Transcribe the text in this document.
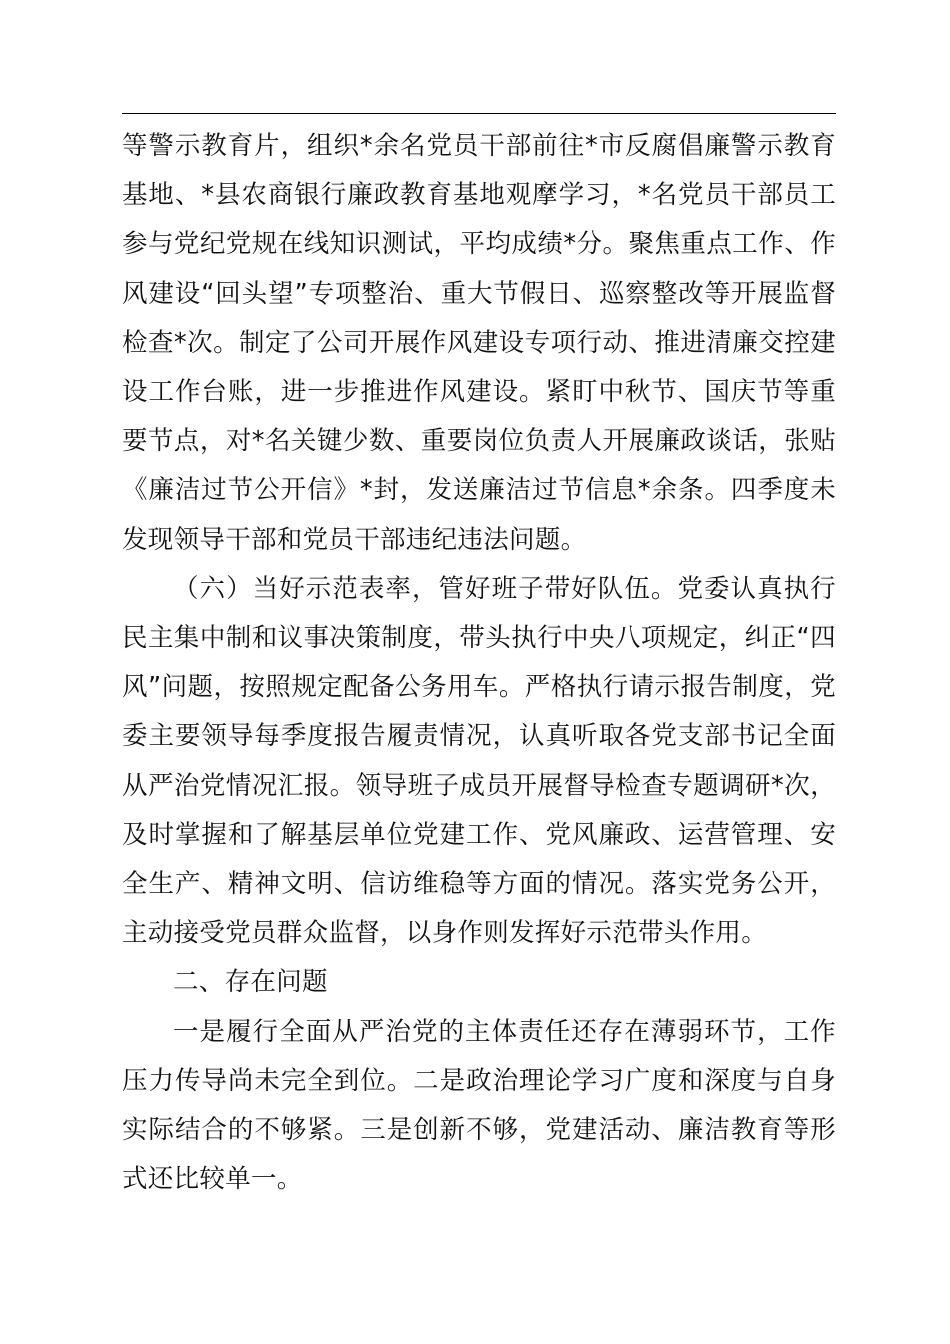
等警示教育片，组织*余名党员干部前往*市反腐倡廉警示教育基地、*县农商银行廉政教育基地观摩学习，*名党员干部员工参与党纪党规在线知识测试，平均成绩*分。聚焦重点工作、作风建设“回头望”专项整治、重大节假日、巡察整改等开展监督检查*次。制定了公司开展作风建设专项行动、推进清廉交控建设工作台账，进一步推进作风建设。紧盯中秋节、国庆节等重要节点，对*名关键少数、重要岗位负责人开展廉政谈话，张贴《廉洁过节公开信》*封，发送廉洁过节信息*余条。四季度未发现领导干部和党员干部违纪违法问题。

（六）当好示范表率，管好班子带好队伍。党委认真执行民主集中制和议事决策制度，带头执行中央八项规定，纠正“四风”问题，按照规定配备公务用车。严格执行请示报告制度，党委主要领导每季度报告履责情况，认真听取各党支部书记全面从严治党情况汇报。领导班子成员开展督导检查专题调研*次，及时掌握和了解基层单位党建工作、党风廉政、运营管理、安全生产、精神文明、信访维稳等方面的情况。落实党务公开，主动接受党员群众监督，以身作则发挥好示范带头作用。

二、存在问题

一是履行全面从严治党的主体责任还存在薄弱环节，工作压力传导尚未完全到位。二是政治理论学习广度和深度与自身实际结合的不够紧。三是创新不够，党建活动、廉洁教育等形式还比较单一。
